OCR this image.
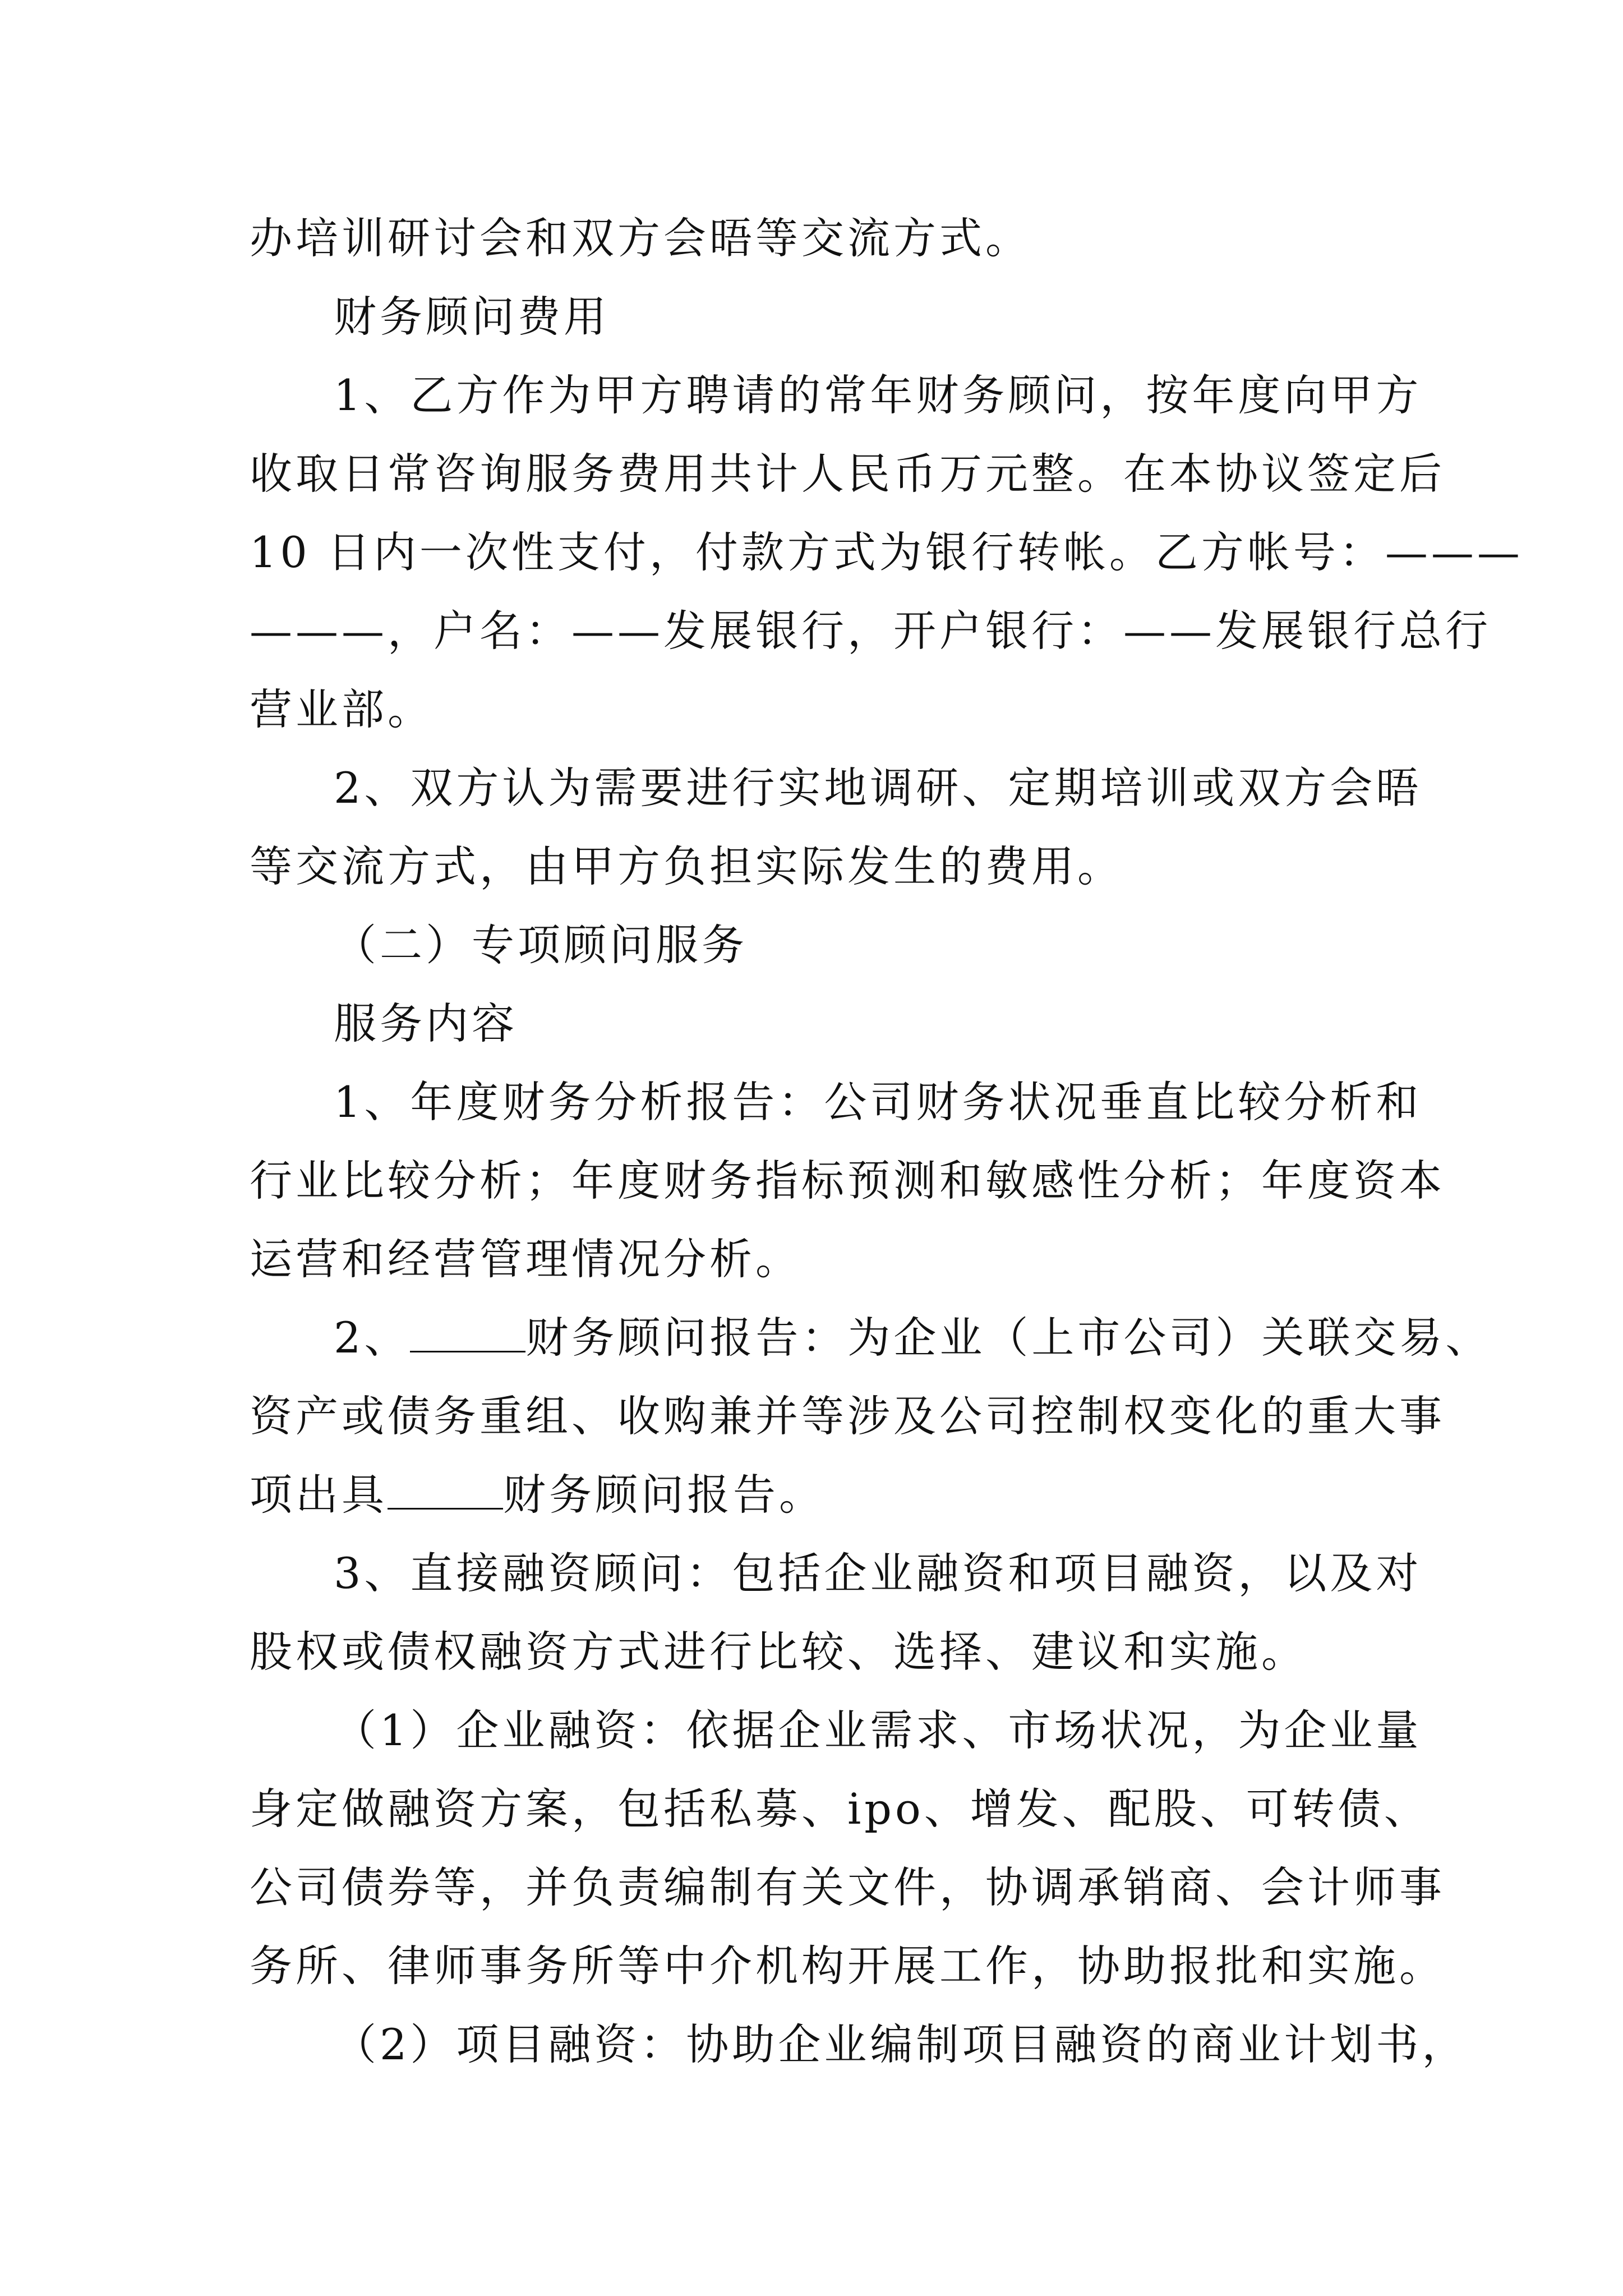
办培训研讨会和双方会晤等交流方式。
财务顾问费用
1、乙方作为甲方聘请的常年财务顾问，按年度向甲方
收取日常咨询服务费用共计人民币万元整。在本协议签定后
10 日内一次性支付，付款方式为银行转帐。乙方帐号：———
———，户名：——发展银行，开户银行：——发展银行总行
营业部。
2、双方认为需要进行实地调研、定期培训或双方会晤
等交流方式，由甲方负担实际发生的费用。
（二）专项顾问服务
服务内容
1、年度财务分析报告：公司财务状况垂直比较分析和
行业比较分析；年度财务指标预测和敏感性分析；年度资本
运营和经营管理情况分析。
2、	财务顾问报告：为企业（上市公司）关联交易、
资产或债务重组、收购兼并等涉及公司控制权变化的重大事
项出具	财务顾问报告。
3、直接融资顾问：包括企业融资和项目融资，以及对
股权或债权融资方式进行比较、选择、建议和实施。
（1）企业融资：依据企业需求、市场状况，为企业量
身定做融资方案，包括私募、ipo、增发、配股、可转债、
公司债券等，并负责编制有关文件，协调承销商、会计师事
务所、律师事务所等中介机构开展工作，协助报批和实施。
（2）项目融资：协助企业编制项目融资的商业计划书，
